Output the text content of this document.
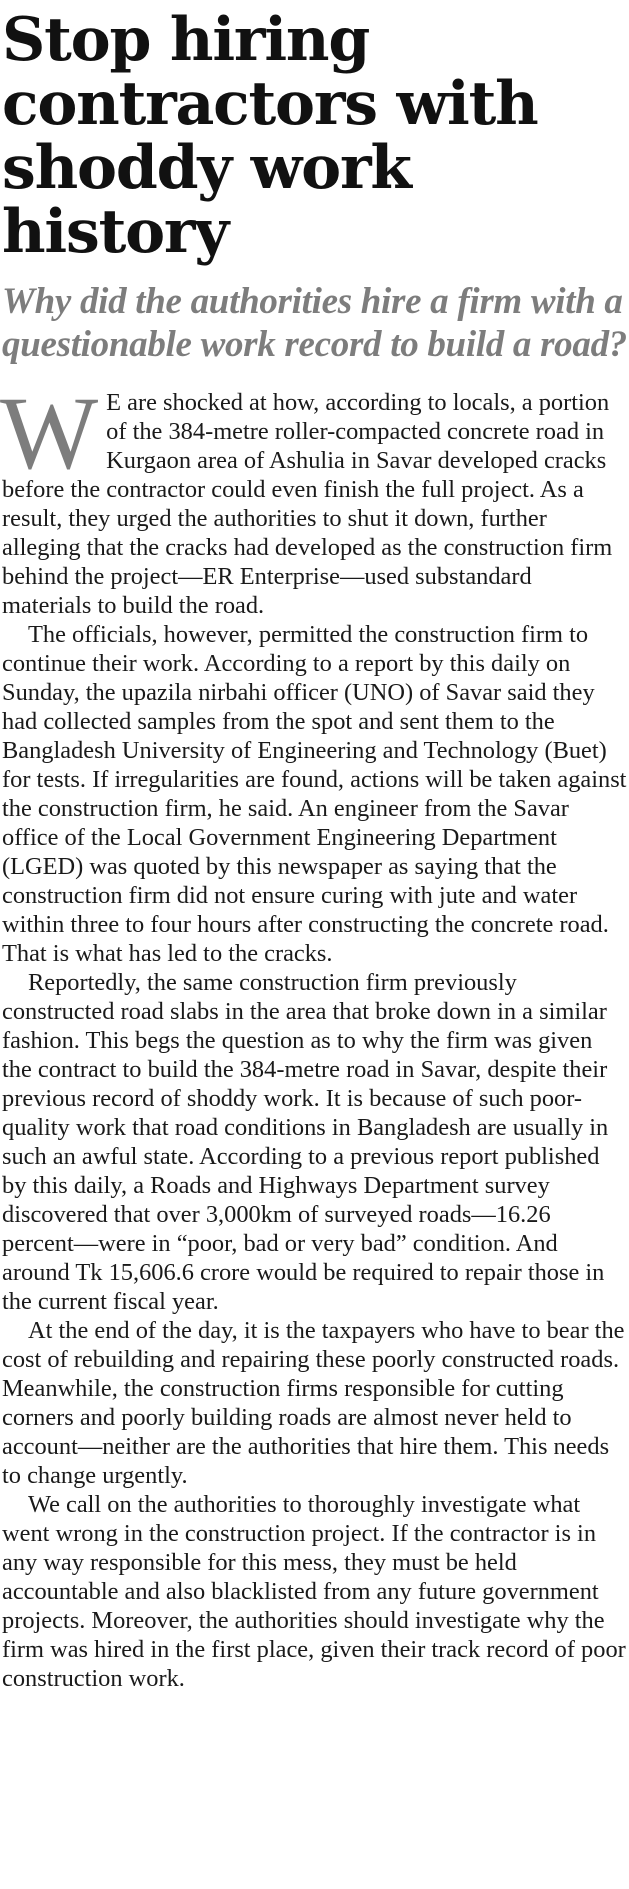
Stop hiring contractors with shoddy work history
Why did the authorities hire a firm with a questionable work record to build a road?

W E are shocked at how, according to locals, a portion of the 384-metre roller-compacted concrete road in Kurgaon area of Ashulia in Savar developed cracks before the contractor could even finish the full project. As a result, they urged the authorities to shut it down, further alleging that the cracks had developed as the construction firm behind the project—ER Enterprise—used substandard materials to build the road.

The officials, however, permitted the construction firm to continue their work. According to a report by this daily on Sunday, the upazila nirbahi officer (UNO) of Savar said they had collected samples from the spot and sent them to the Bangladesh University of Engineering and Technology (Buet) for tests. If irregularities are found, actions will be taken against the construction firm, he said. An engineer from the Savar office of the Local Government Engineering Department (LGED) was quoted by this newspaper as saying that the construction firm did not ensure curing with jute and water within three to four hours after constructing the concrete road. That is what has led to the cracks.

Reportedly, the same construction firm previously constructed road slabs in the area that broke down in a similar fashion. This begs the question as to why the firm was given the contract to build the 384-metre road in Savar, despite their previous record of shoddy work. It is because of such poor-quality work that road conditions in Bangladesh are usually in such an awful state. According to a previous report published by this daily, a Roads and Highways Department survey discovered that over 3,000km of surveyed roads—16.26 percent—were in “poor, bad or very bad” condition. And around Tk 15,606.6 crore would be required to repair those in the current fiscal year.

At the end of the day, it is the taxpayers who have to bear the cost of rebuilding and repairing these poorly constructed roads. Meanwhile, the construction firms responsible for cutting corners and poorly building roads are almost never held to account—neither are the authorities that hire them. This needs to change urgently.

We call on the authorities to thoroughly investigate what went wrong in the construction project. If the contractor is in any way responsible for this mess, they must be held accountable and also blacklisted from any future government projects. Moreover, the authorities should investigate why the firm was hired in the first place, given their track record of poor construction work.
